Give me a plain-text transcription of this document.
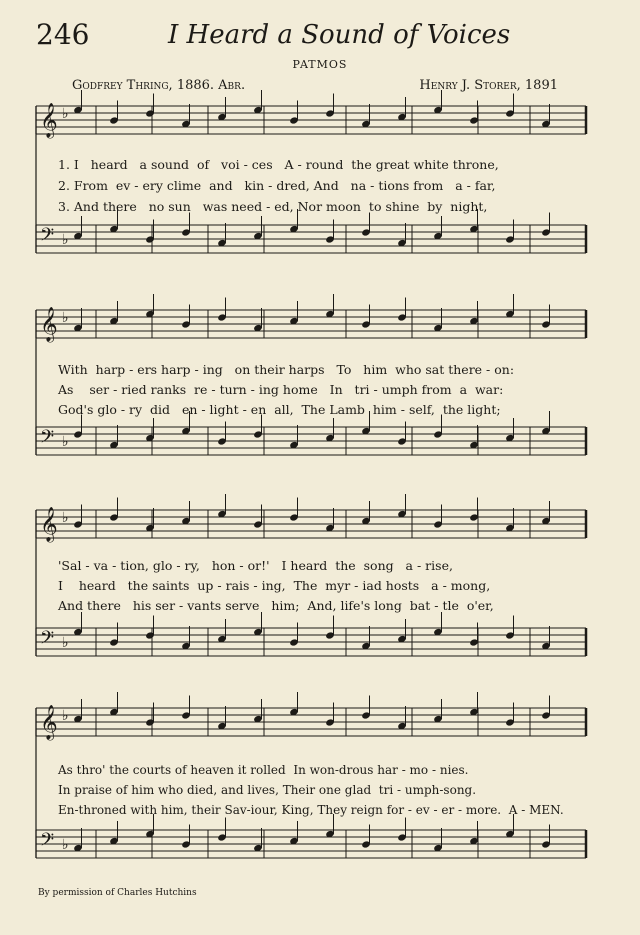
246	I Heard a Sound of Voices
PATMOS
Godfrey Thring, 1886. Abr.	Henry J. Storer, 1891
𝄞 ♭
𝄢 ♭
𝄞 ♭
𝄢 ♭
𝄞 ♭
𝄢 ♭
𝄞 ♭
𝄢 ♭
1. I   heard   a sound  of   voi - ces   A - round  the great white throne,
2. From  ev - ery clime  and   kin - dred, And   na - tions from   a - far,
3. And there   no sun   was need - ed, Nor moon  to shine  by  night,
With  harp - ers harp - ing   on their harps   To   him  who sat there - on:
As    ser - ried ranks  re - turn - ing home   In   tri - umph from  a  war:
God's glo - ry  did   en - light - en  all,  The Lamb  him - self,  the light;
'Sal - va - tion, glo - ry,   hon - or!'   I heard  the  song   a - rise,
I    heard   the saints  up - rais - ing,  The  myr - iad hosts   a - mong,
And there   his ser - vants serve   him;  And, life's long  bat - tle  o'er,
As thro' the courts of heaven it rolled  In won-drous har - mo - nies.
In praise of him who died, and lives, Their one glad  tri - umph-song.
En-throned with him, their Sav-iour, King, They reign for - ev - er - more.  A - MEN.
By permission of Charles Hutchins
